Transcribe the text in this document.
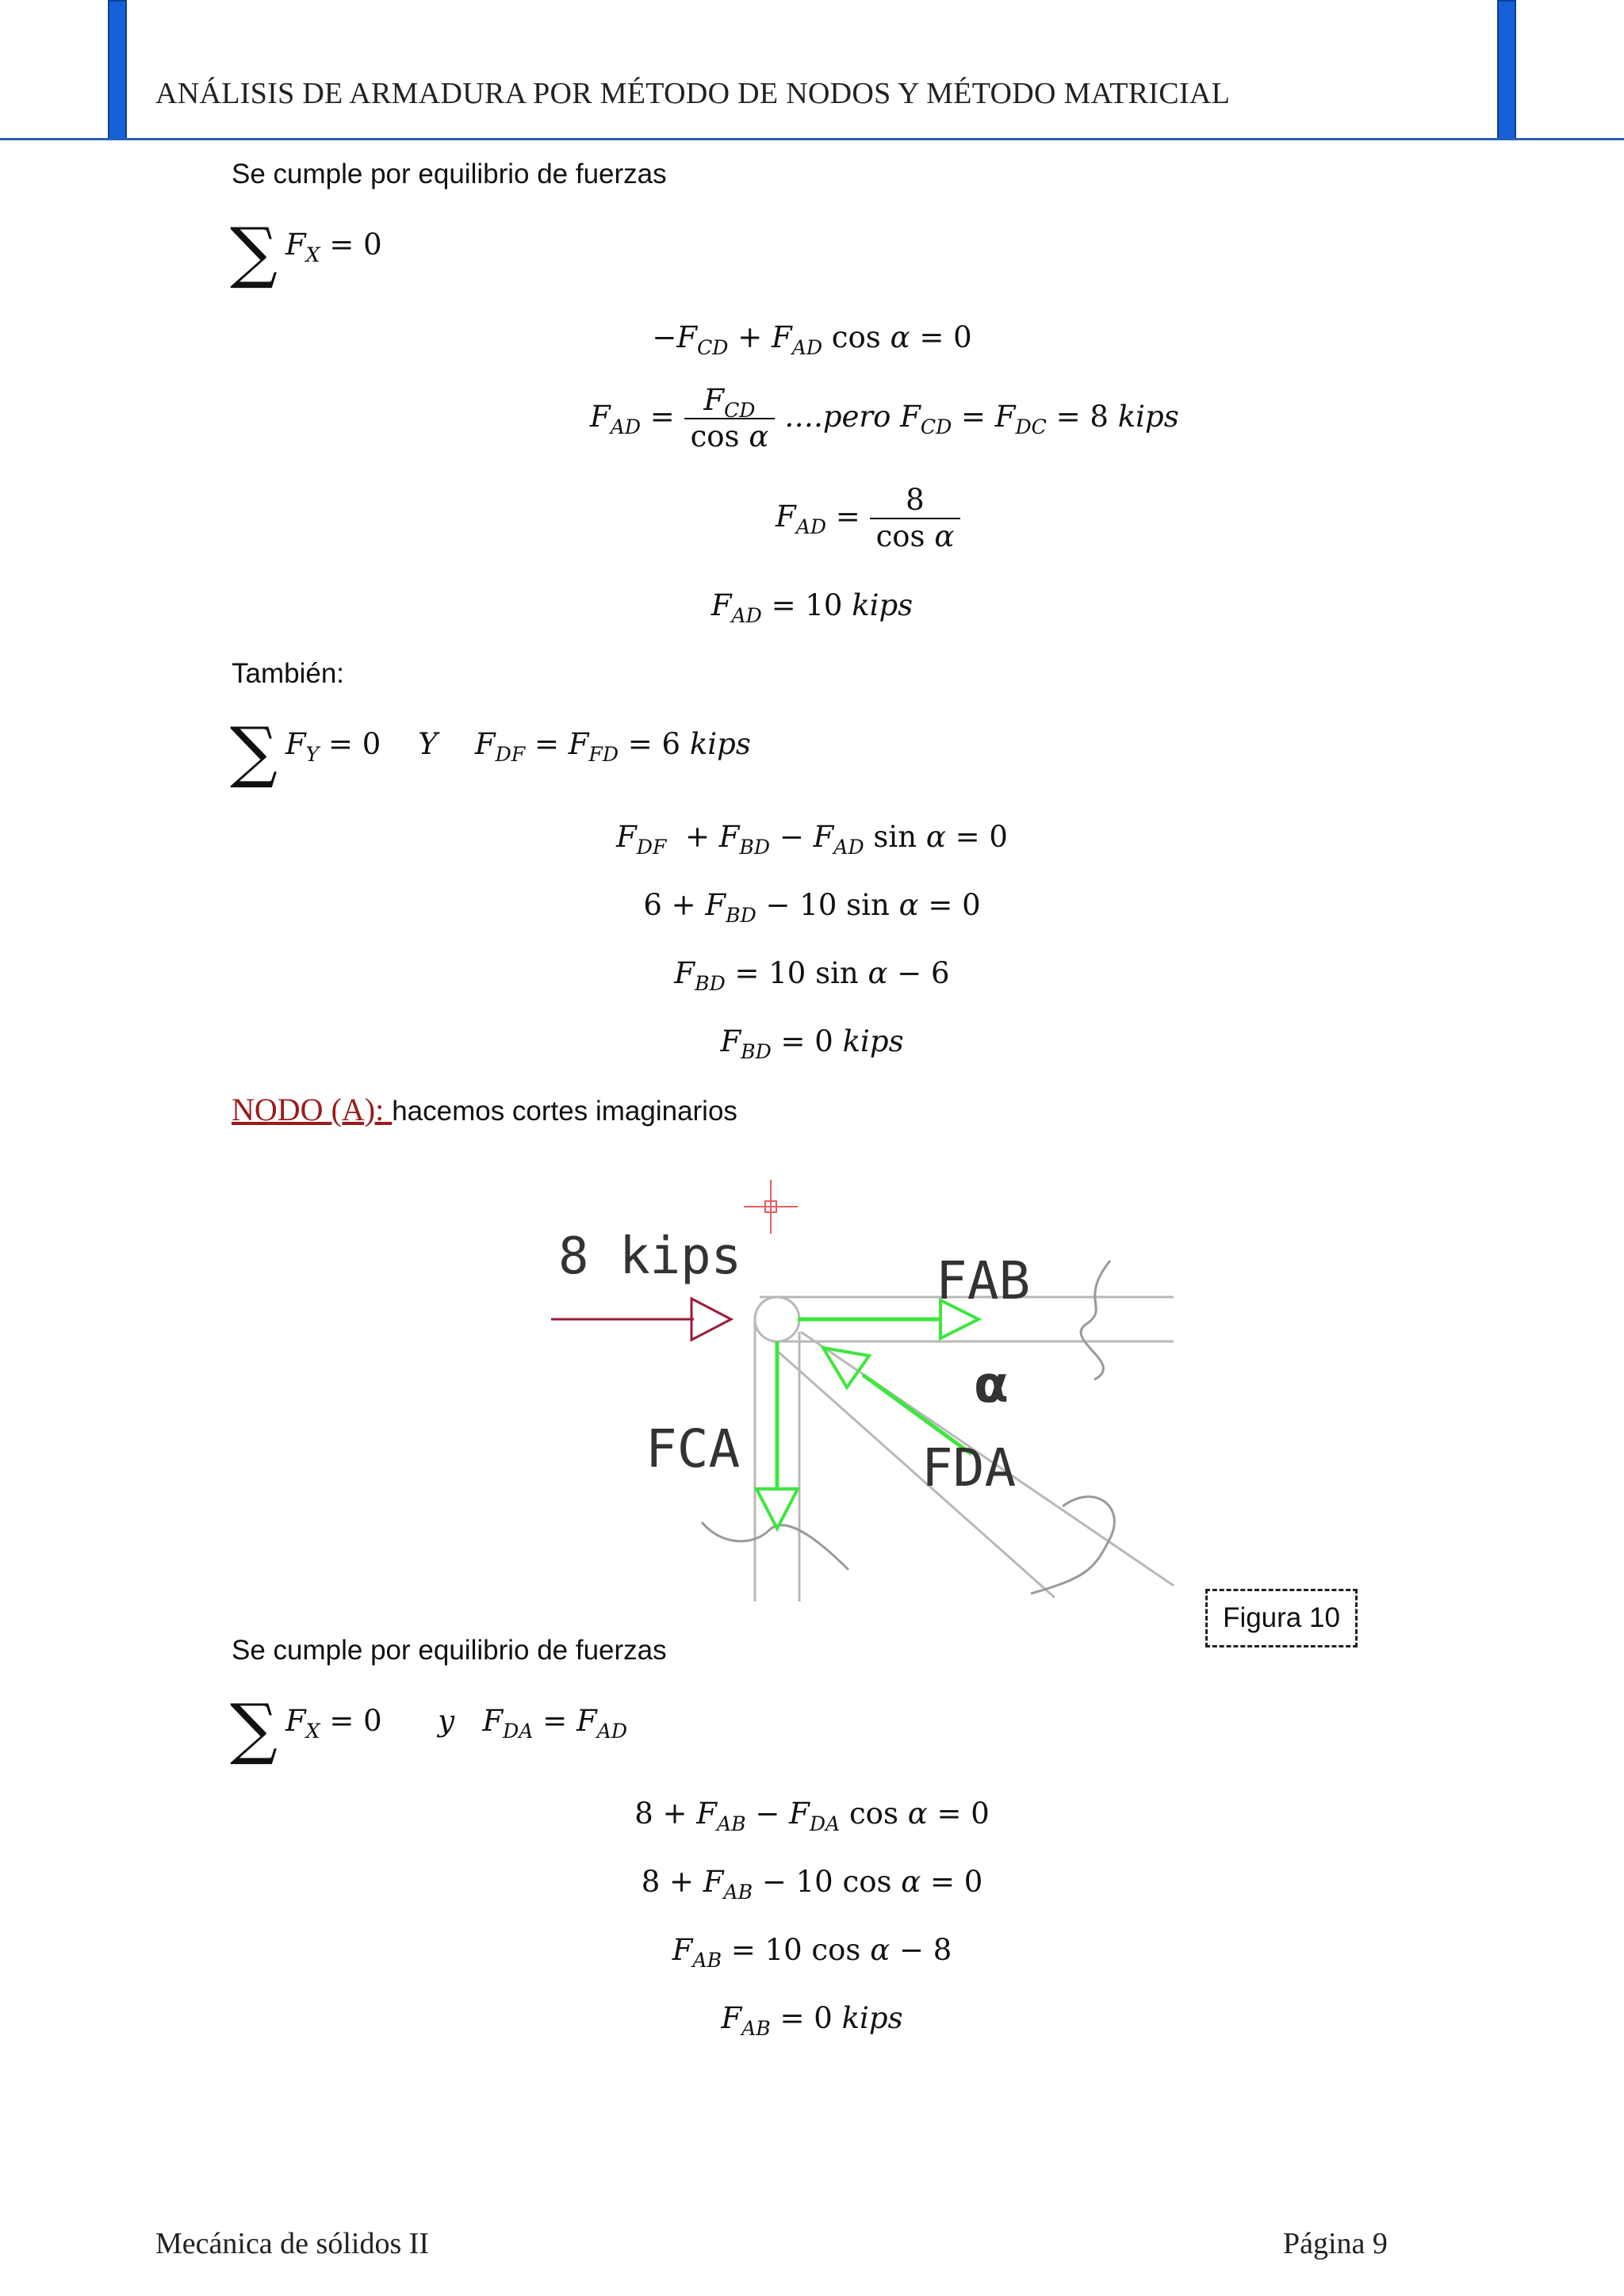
ANÁLISIS DE ARMADURA POR MÉTODO DE NODOS Y MÉTODO MATRICIAL
Se cumple por equilibrio de fuerzas
∑ $F_X = 0$
$-F_{CD} + F_{AD}$ cos α = 0
$F_{AD} = \frac{F_{CD}}{\text{cos α}}$ ….pero $F_{CD} = F_{DC} = 8$ kips
$F_{AD} = \frac{8}{\text{cos α}}$
$F_{AD} = 10$ kips
También:
∑ $F_Y = 0$ Y $F_{DF} = F_{FD} = 6$ kips
$F_{DF} + F_{BD} - F_{AD}$ sin α = 0
$6 + F_{BD} - 10$ sin α = 0
$F_{BD} = 10$ sin α − 6
$F_{BD} = 0$ kips
NODO (A): hacemos cortes imaginarios
8 kips	FAB
FCA	FDA
α
Figura 10
Se cumple por equilibrio de fuerzas
∑ $F_X = 0$ y $F_{DA} = F_{AD}$
$8 + F_{AB} - F_{DA}$ cos α = 0
$8 + F_{AB} - 10$ cos α = 0
$F_{AB} = 10$ cos α − 8
$F_{AB} = 0$ kips
Mecánica de sólidos II	Página 9
